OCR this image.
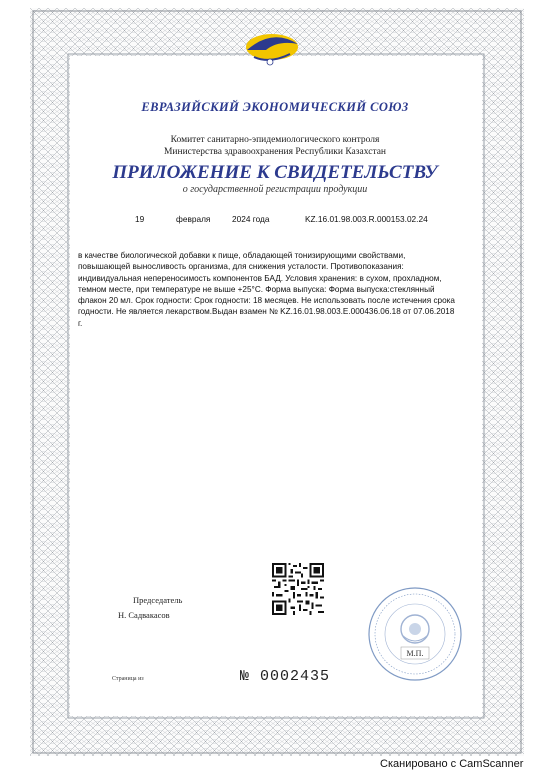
ЕВРАЗИЙСКИЙ ЭКОНОМИЧЕСКИЙ СОЮЗ
Комитет санитарно-эпидемиологического контроля
Министерства здравоохранения Республики Казахстан
ПРИЛОЖЕНИЕ К СВИДЕТЕЛЬСТВУ
о государственной регистрации продукции
19	февраля	2024 года	KZ.16.01.98.003.R.000153.02.24
в качестве биологической добавки к пище, обладающей тонизирующими свойствами,
повышающей выносливость организма, для снижения усталости. Противопоказания:
индивидуальная непереносимость компонентов БАД. Условия хранения: в сухом, прохладном,
темном месте, при температуре не выше +25°С. Форма выпуска: Форма выпуска:стеклянный
флакон 20 мл. Срок годности: Срок годности: 18 месяцев. Не использовать после истечения срока
годности. Не является лекарством.Выдан взамен № KZ.16.01.98.003.E.000436.06.18 от 07.06.2018
г.
Председатель
Н. Садвакасов
М.П.
Страница из	№ 0002435
Сканировано с CamScanner
